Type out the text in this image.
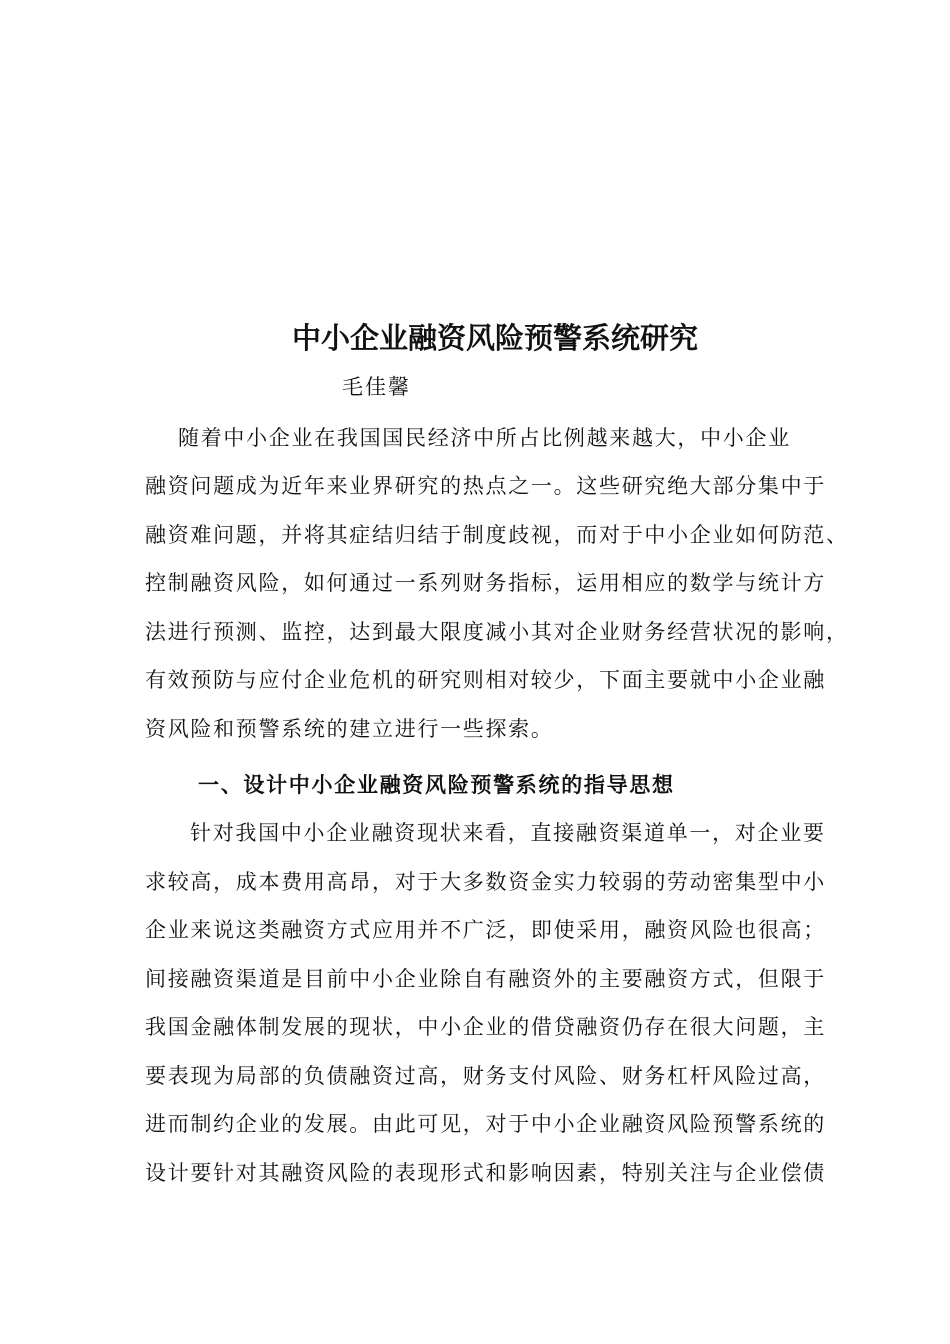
中小企业融资风险预警系统研究
毛佳馨
随着中小企业在我国国民经济中所占比例越来越大，中小企业
融资问题成为近年来业界研究的热点之一。这些研究绝大部分集中于
融资难问题，并将其症结归结于制度歧视，而对于中小企业如何防范、
控制融资风险，如何通过一系列财务指标，运用相应的数学与统计方
法进行预测、监控，达到最大限度减小其对企业财务经营状况的影响，
有效预防与应付企业危机的研究则相对较少，下面主要就中小企业融
资风险和预警系统的建立进行一些探索。
一、设计中小企业融资风险预警系统的指导思想
针对我国中小企业融资现状来看，直接融资渠道单一，对企业要
求较高，成本费用高昂，对于大多数资金实力较弱的劳动密集型中小
企业来说这类融资方式应用并不广泛，即使采用，融资风险也很高；
间接融资渠道是目前中小企业除自有融资外的主要融资方式，但限于
我国金融体制发展的现状，中小企业的借贷融资仍存在很大问题，主
要表现为局部的负债融资过高，财务支付风险、财务杠杆风险过高，
进而制约企业的发展。由此可见，对于中小企业融资风险预警系统的
设计要针对其融资风险的表现形式和影响因素，特别关注与企业偿债
